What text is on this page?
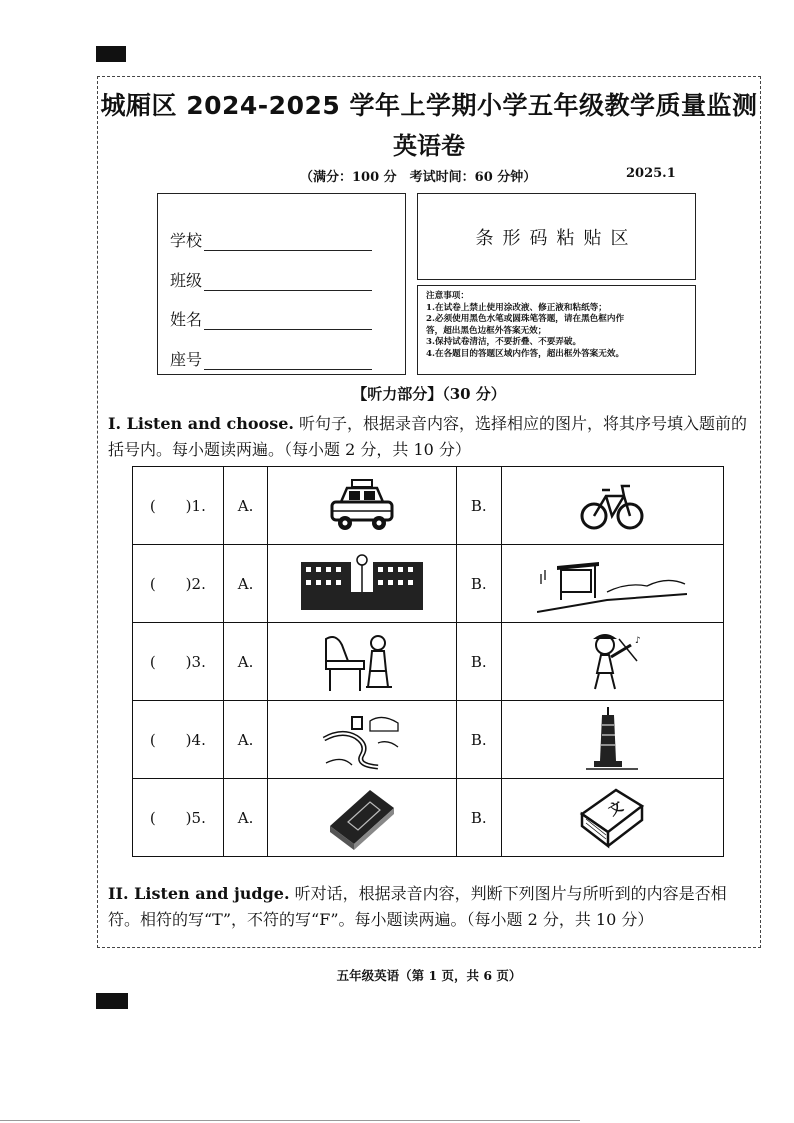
城厢区 2024-2025 学年上学期小学五年级教学质量监测
英语卷
（满分：100 分　考试时间：60 分钟）	2025.1
学校
班级
姓名
座号
条形码粘贴区
注意事项：
1.在试卷上禁止使用涂改液、修正液和粘纸等；
2.必须使用黑色水笔或圆珠笔答题，请在黑色框内作
答，超出黑色边框外答案无效；
3.保持试卷清洁，不要折叠、不要弄破。
4.在各题目的答题区域内作答，超出框外答案无效。
【听力部分】（30 分）
I. Listen and choose. 听句子，根据录音内容，选择相应的图片，将其序号填入题前的括号内。每小题读两遍。（每小题 2 分，共 10 分）
(　　)1.	A.		B.	

(　　)2.	A.		B.	

(　　)3.	A.		B.	♪

(　　)4.	A.		B.	

(　　)5.	A.		B.	文
II. Listen and judge. 听对话，根据录音内容，判断下列图片与所听到的内容是否相符。相符的写“T”，不符的写“F”。每小题读两遍。（每小题 2 分，共 10 分）
五年级英语（第 1 页，共 6 页）
